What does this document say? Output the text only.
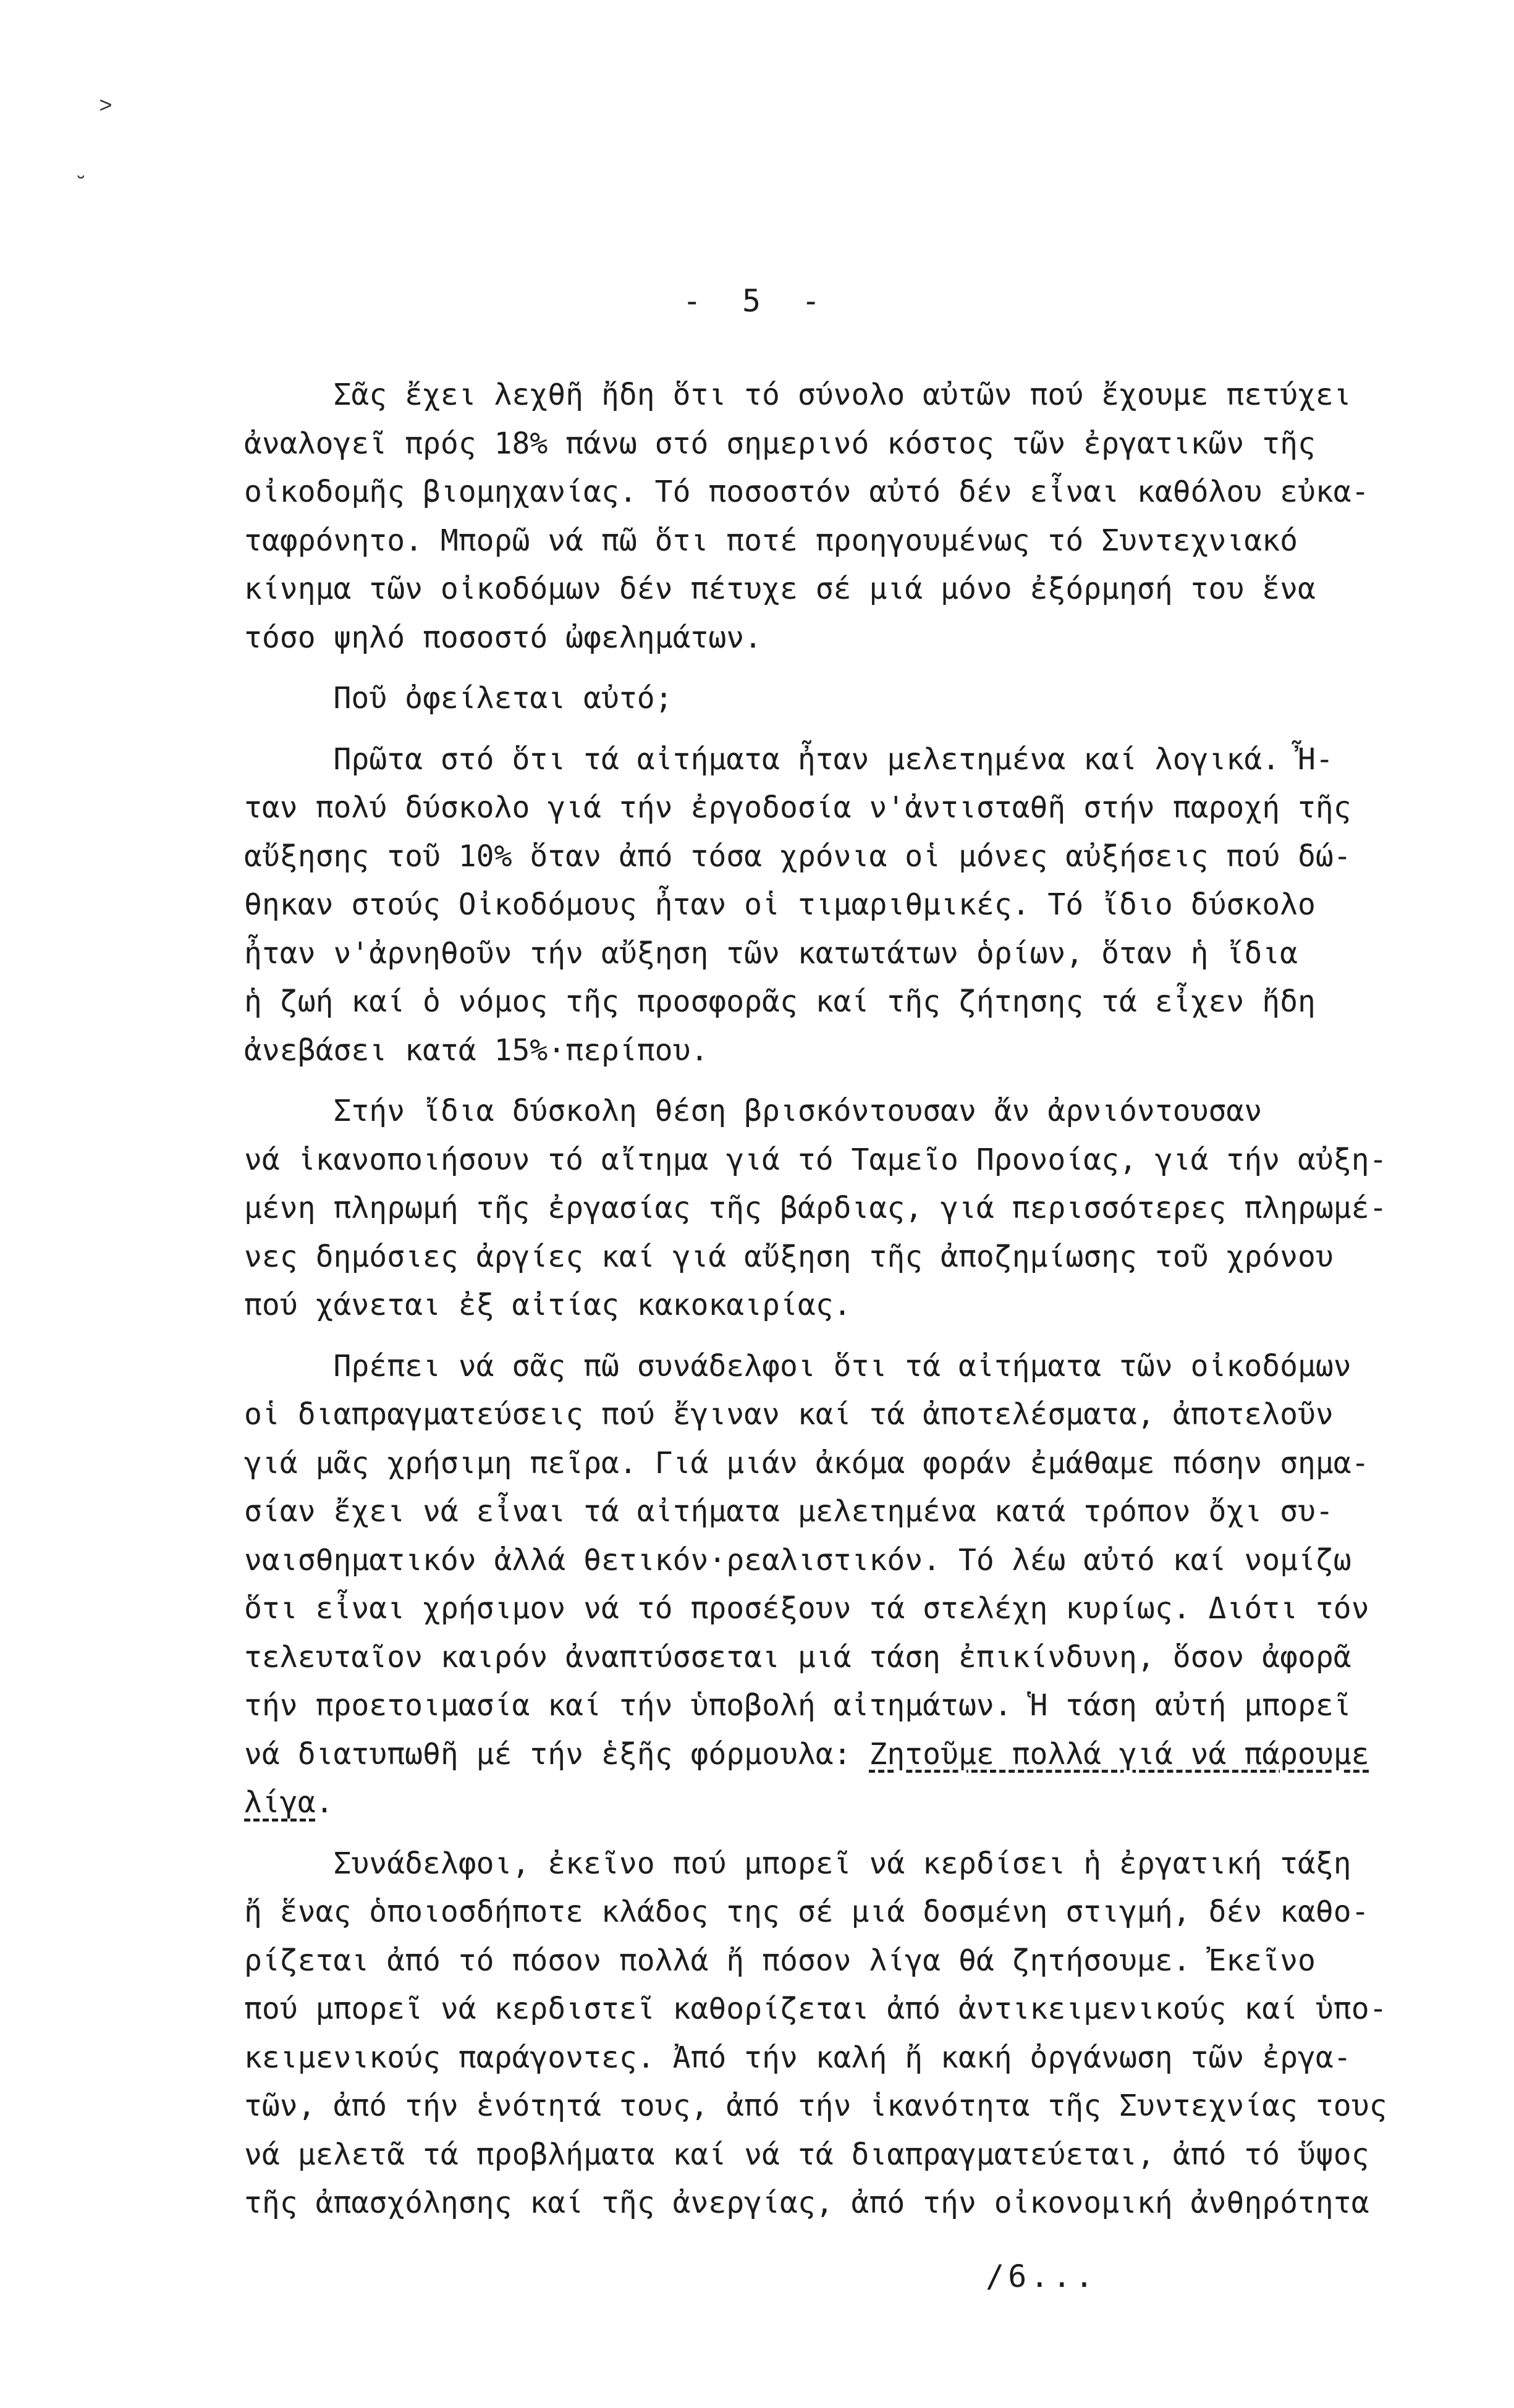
- 5 -
Σᾶς ἔχει λεχθῆ ἤδη ὅτι τό σύνολο αὐτῶν πού ἔχουμε πετύχει
ἀναλογεῖ πρός 18% πάνω στό σημερινό κόστος τῶν ἐργατικῶν τῆς
οἰκοδομῆς βιομηχανίας. Τό ποσοστόν αὐτό δέν εἶναι καθόλου εὐκα-
ταφρόνητο. Μπορῶ νά πῶ ὅτι ποτέ προηγουμένως τό Συντεχνιακό
κίνημα τῶν οἰκοδόμων δέν πέτυχε σέ μιά μόνο ἐξόρμησή του ἕνα
τόσο ψηλό ποσοστό ὠφελημάτων.
Ποῦ ὀφείλεται αὐτό;
Πρῶτα στό ὅτι τά αἰτήματα ἦταν μελετημένα καί λογικά. Ἦ-
ταν πολύ δύσκολο γιά τήν ἐργοδοσία ν'ἀντισταθῆ στήν παροχή τῆς
αὔξησης τοῦ 10% ὅταν ἀπό τόσα χρόνια οἱ μόνες αὐξήσεις πού δώ-
θηκαν στούς Οἰκοδόμους ἦταν οἱ τιμαριθμικές. Τό ἴδιο δύσκολο
ἦταν ν'ἀρνηθοῦν τήν αὔξηση τῶν κατωτάτων ὁρίων, ὅταν ἡ ἴδια
ἡ ζωή καί ὁ νόμος τῆς προσφορᾶς καί τῆς ζήτησης τά εἶχεν ἤδη
ἀνεβάσει κατά 15%·περίπου.
Στήν ἴδια δύσκολη θέση βρισκόντουσαν ἄν ἀρνιόντουσαν
νά ἱκανοποιήσουν τό αἴτημα γιά τό Ταμεῖο Προνοίας, γιά τήν αὐξη-
μένη πληρωμή τῆς ἐργασίας τῆς βάρδιας, γιά περισσότερες πληρωμέ-
νες δημόσιες ἀργίες καί γιά αὔξηση τῆς ἀποζημίωσης τοῦ χρόνου
πού χάνεται ἐξ αἰτίας κακοκαιρίας.
Πρέπει νά σᾶς πῶ συνάδελφοι ὅτι τά αἰτήματα τῶν οἰκοδόμων
οἱ διαπραγματεύσεις πού ἔγιναν καί τά ἀποτελέσματα, ἀποτελοῦν
γιά μᾶς χρήσιμη πεῖρα. Γιά μιάν ἀκόμα φοράν ἐμάθαμε πόσην σημα-
σίαν ἔχει νά εἶναι τά αἰτήματα μελετημένα κατά τρόπον ὄχι συ-
ναισθηματικόν ἀλλά θετικόν·ρεαλιστικόν. Τό λέω αὐτό καί νομίζω
ὅτι εἶναι χρήσιμον νά τό προσέξουν τά στελέχη κυρίως. Διότι τόν
τελευταῖον καιρόν ἀναπτύσσεται μιά τάση ἐπικίνδυνη, ὅσον ἀφορᾶ
τήν προετοιμασία καί τήν ὑποβολή αἰτημάτων. Ἡ τάση αὐτή μπορεῖ
νά διατυπωθῆ μέ τήν ἑξῆς φόρμουλα: Ζητοῦμε πολλά γιά νά πάρουμε
λίγα.
Συνάδελφοι, ἐκεῖνο πού μπορεῖ νά κερδίσει ἡ ἐργατική τάξη
ἤ ἕνας ὁποιοσδήποτε κλάδος της σέ μιά δοσμένη στιγμή, δέν καθο-
ρίζεται ἀπό τό πόσον πολλά ἤ πόσον λίγα θά ζητήσουμε. Ἐκεῖνο
πού μπορεῖ νά κερδιστεῖ καθορίζεται ἀπό ἀντικειμενικούς καί ὑπο-
κειμενικούς παράγοντες. Ἀπό τήν καλή ἤ κακή ὀργάνωση τῶν ἐργα-
τῶν, ἀπό τήν ἑνότητά τους, ἀπό τήν ἱκανότητα τῆς Συντεχνίας τους
νά μελετᾶ τά προβλήματα καί νά τά διαπραγματεύεται, ἀπό τό ὕψος
τῆς ἀπασχόλησης καί τῆς ἀνεργίας, ἀπό τήν οἰκονομική ἀνθηρότητα
/6...
˃
˘
